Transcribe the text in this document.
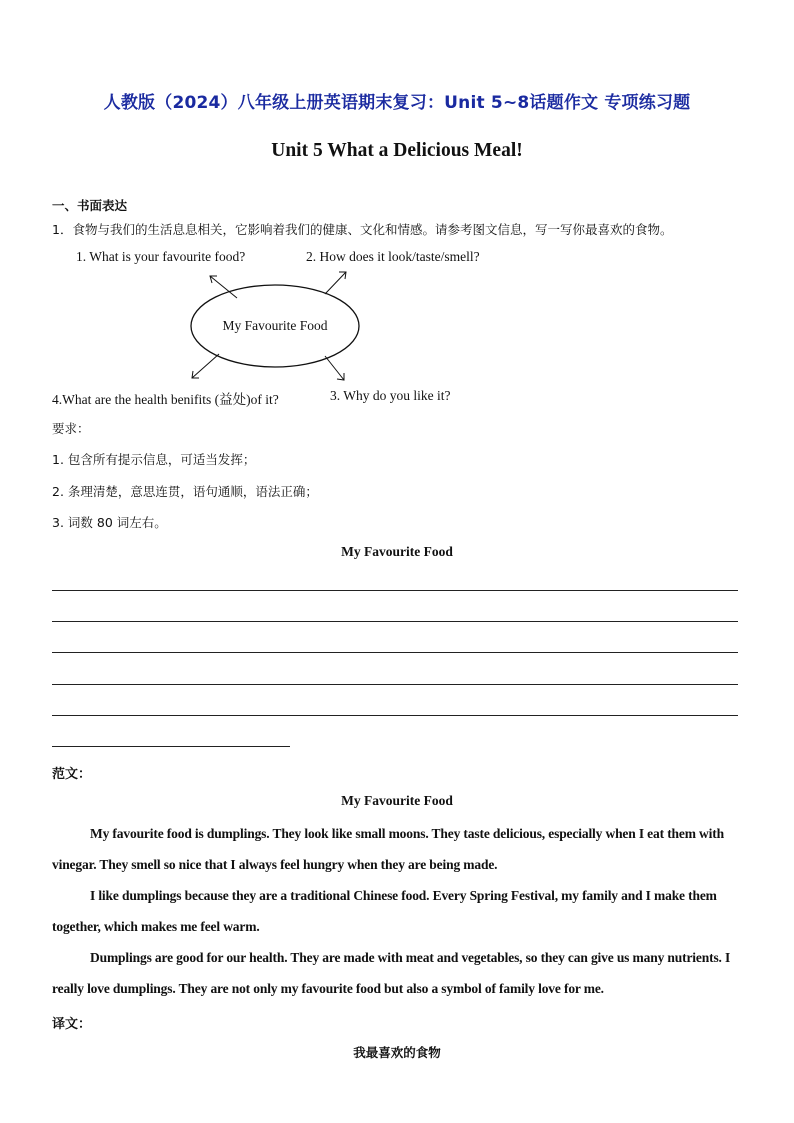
人教版（2024）八年级上册英语期末复习：Unit 5~8话题作文 专项练习题
Unit 5 What a Delicious Meal!
一、书面表达
1．食物与我们的生活息息相关，它影响着我们的健康、文化和情感。请参考图文信息，写一写你最喜欢的食物。
1. What is your favourite food?	2. How does it look/taste/smell?
My Favourite Food
4.What are the health benifits (益处)of it?	3. Why do you like it?
要求：
1. 包含所有提示信息，可适当发挥；
2. 条理清楚，意思连贯，语句通顺，语法正确；
3. 词数 80 词左右。
My Favourite Food
范文：
My Favourite Food

My favourite food is dumplings. They look like small moons. They taste delicious, especially when I eat them with vinegar. They smell so nice that I always feel hungry when they are being made.

I like dumplings because they are a traditional Chinese food. Every Spring Festival, my family and I make them together, which makes me feel warm.

Dumplings are good for our health. They are made with meat and vegetables, so they can give us many nutrients. I really love dumplings. They are not only my favourite food but also a symbol of family love for me.

译文：
我最喜欢的食物
